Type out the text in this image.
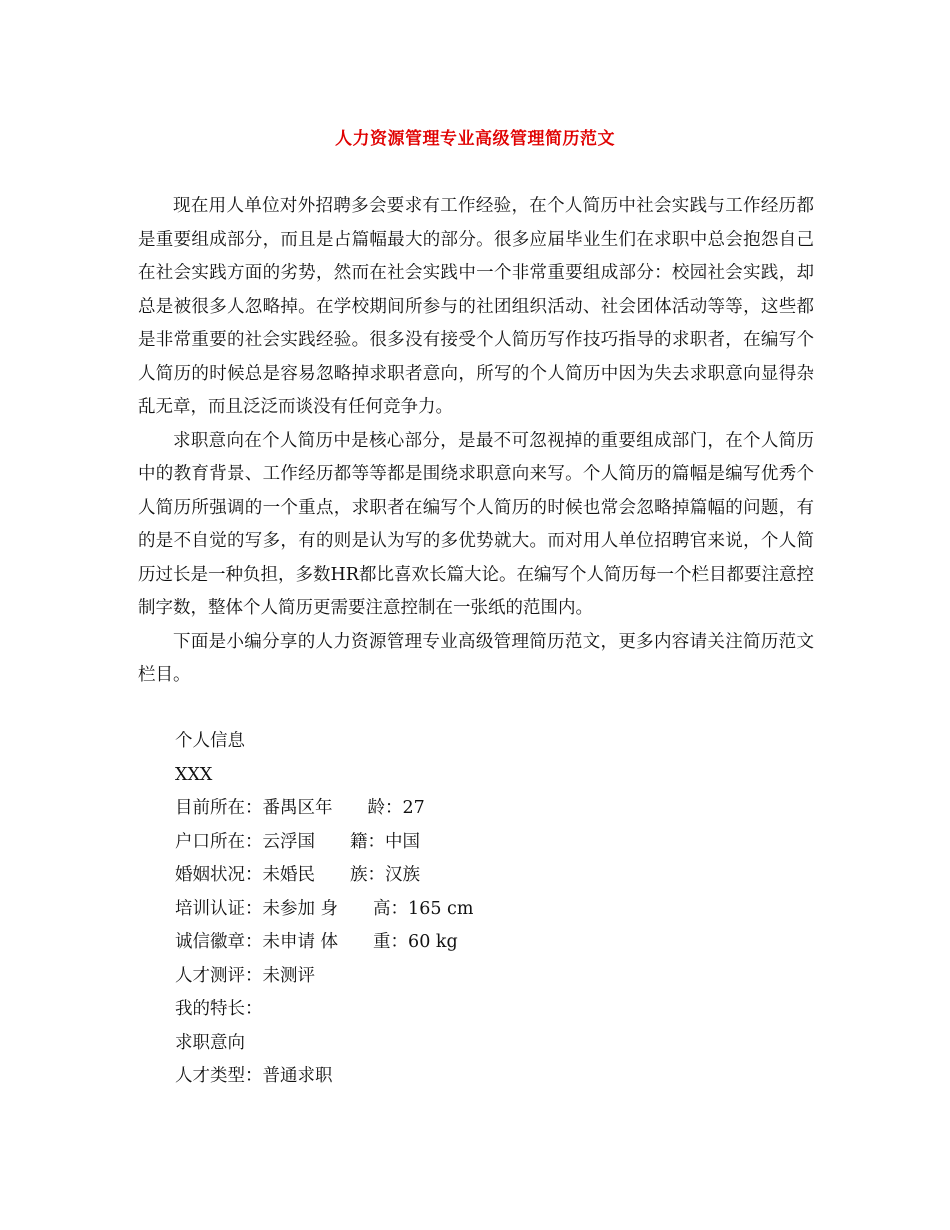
人力资源管理专业高级管理简历范文

现在用人单位对外招聘多会要求有工作经验，在个人简历中社会实践与工作经历都是重要组成部分，而且是占篇幅最大的部分。很多应届毕业生们在求职中总会抱怨自己在社会实践方面的劣势，然而在社会实践中一个非常重要组成部分：校园社会实践，却总是被很多人忽略掉。在学校期间所参与的社团组织活动、社会团体活动等等，这些都是非常重要的社会实践经验。很多没有接受个人简历写作技巧指导的求职者，在编写个人简历的时候总是容易忽略掉求职者意向，所写的个人简历中因为失去求职意向显得杂乱无章，而且泛泛而谈没有任何竞争力。

求职意向在个人简历中是核心部分，是最不可忽视掉的重要组成部门，在个人简历中的教育背景、工作经历都等等都是围绕求职意向来写。个人简历的篇幅是编写优秀个人简历所强调的一个重点，求职者在编写个人简历的时候也常会忽略掉篇幅的问题，有的是不自觉的写多，有的则是认为写的多优势就大。而对用人单位招聘官来说，个人简历过长是一种负担，多数HR都比喜欢长篇大论。在编写个人简历每一个栏目都要注意控制字数，整体个人简历更需要注意控制在一张纸的范围内。

下面是小编分享的人力资源管理专业高级管理简历范文，更多内容请关注简历范文栏目。

个人信息
XXX
目前所在：番禺区年　　龄：27
户口所在：云浮国　　籍：中国
婚姻状况：未婚民　　族：汉族
培训认证：未参加 身　　高：165 cm
诚信徽章：未申请 体　　重：60 kg
人才测评：未测评
我的特长：
求职意向
人才类型：普通求职
